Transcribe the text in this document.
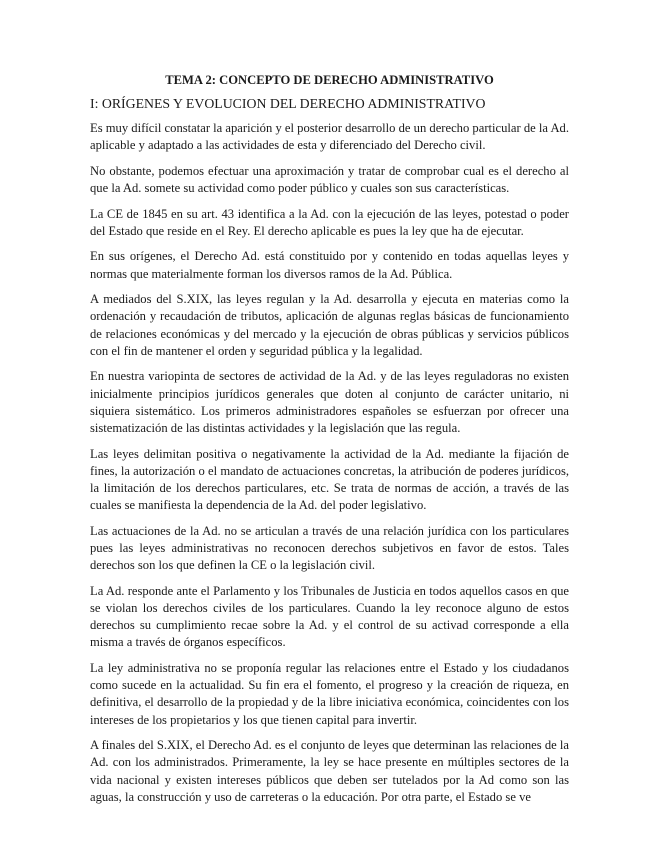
TEMA 2: CONCEPTO DE DERECHO ADMINISTRATIVO
I: ORÍGENES Y EVOLUCION DEL DERECHO ADMINISTRATIVO

Es muy difícil constatar la aparición y el posterior desarrollo de un derecho particular de la Ad. aplicable y adaptado a las actividades de esta y diferenciado del Derecho civil.

No obstante, podemos efectuar una aproximación y tratar de comprobar cual es el derecho al que la Ad. somete su actividad como poder público y cuales son sus características.

La CE de 1845 en su art. 43 identifica a la Ad. con la ejecución de las leyes, potestad o poder del Estado que reside en el Rey. El derecho aplicable es pues la ley que ha de ejecutar.

En sus orígenes, el Derecho Ad. está constituido por y contenido en todas aquellas leyes y normas que materialmente forman los diversos ramos de la Ad. Pública.

A mediados del S.XIX, las leyes regulan y la Ad. desarrolla y ejecuta en materias como la ordenación y recaudación de tributos, aplicación de algunas reglas básicas de funcionamiento de relaciones económicas y del mercado y la ejecución de obras públicas y servicios públicos con el fin de mantener el orden y seguridad pública y la legalidad.

En nuestra variopinta de sectores de actividad de la Ad. y de las leyes reguladoras no existen inicialmente principios jurídicos generales que doten al conjunto de carácter unitario, ni siquiera sistemático. Los primeros administradores españoles se esfuerzan por ofrecer una sistematización de las distintas actividades y la legislación que las regula.

Las leyes delimitan positiva o negativamente la actividad de la Ad. mediante la fijación de fines, la autorización o el mandato de actuaciones concretas, la atribución de poderes jurídicos, la limitación de los derechos particulares, etc. Se trata de normas de acción, a través de las cuales se manifiesta la dependencia de la Ad. del poder legislativo.

Las actuaciones de la Ad. no se articulan a través de una relación jurídica con los particulares pues las leyes administrativas no reconocen derechos subjetivos en favor de estos. Tales derechos son los que definen la CE o la legislación civil.

La Ad. responde ante el Parlamento y los Tribunales de Justicia en todos aquellos casos en que se violan los derechos civiles de los particulares. Cuando la ley reconoce alguno de estos derechos su cumplimiento recae sobre la Ad. y el control de su activad corresponde a ella misma a través de órganos específicos.

La ley administrativa no se proponía regular las relaciones entre el Estado y los ciudadanos como sucede en la actualidad. Su fin era el fomento, el progreso y la creación de riqueza, en definitiva, el desarrollo de la propiedad y de la libre iniciativa económica, coincidentes con los intereses de los propietarios y los que tienen capital para invertir.

A finales del S.XIX, el Derecho Ad. es el conjunto de leyes que determinan las relaciones de la Ad. con los administrados. Primeramente, la ley se hace presente en múltiples sectores de la vida nacional y existen intereses públicos que deben ser tutelados por la Ad como son las aguas, la construcción y uso de carreteras o la educación. Por otra parte, el Estado se ve
